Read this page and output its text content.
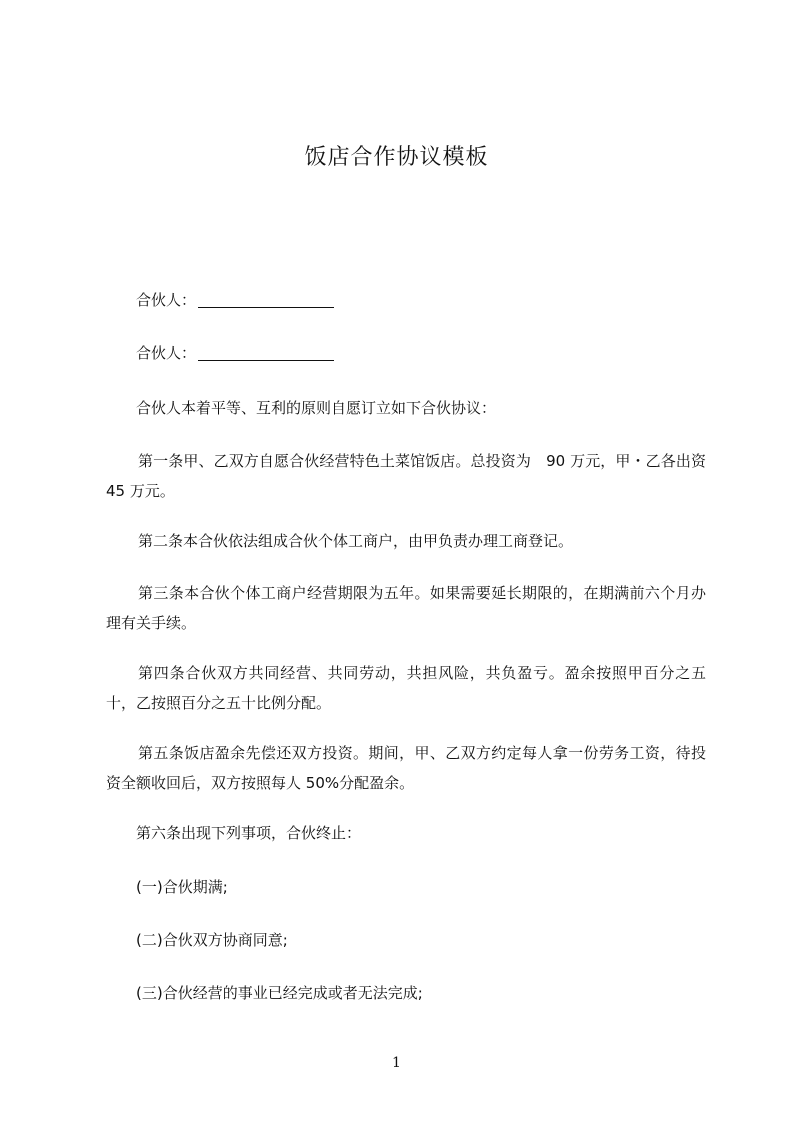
饭店合作协议模板
合伙人：
合伙人：
合伙人本着平等、互利的原则自愿订立如下合伙协议：
第一条甲、乙双方自愿合伙经营特色土菜馆饭店。总投资为　90 万元，甲・乙各出资 45 万元。
第二条本合伙依法组成合伙个体工商户，由甲负责办理工商登记。
第三条本合伙个体工商户经营期限为五年。如果需要延长期限的，在期满前六个月办理有关手续。
第四条合伙双方共同经营、共同劳动，共担风险，共负盈亏。盈余按照甲百分之五十，乙按照百分之五十比例分配。
第五条饭店盈余先偿还双方投资。期间，甲、乙双方约定每人拿一份劳务工资，待投资全额收回后，双方按照每人 50%分配盈余。
第六条出现下列事项，合伙终止：
(一)合伙期满;
(二)合伙双方协商同意;
(三)合伙经营的事业已经完成或者无法完成;
1
